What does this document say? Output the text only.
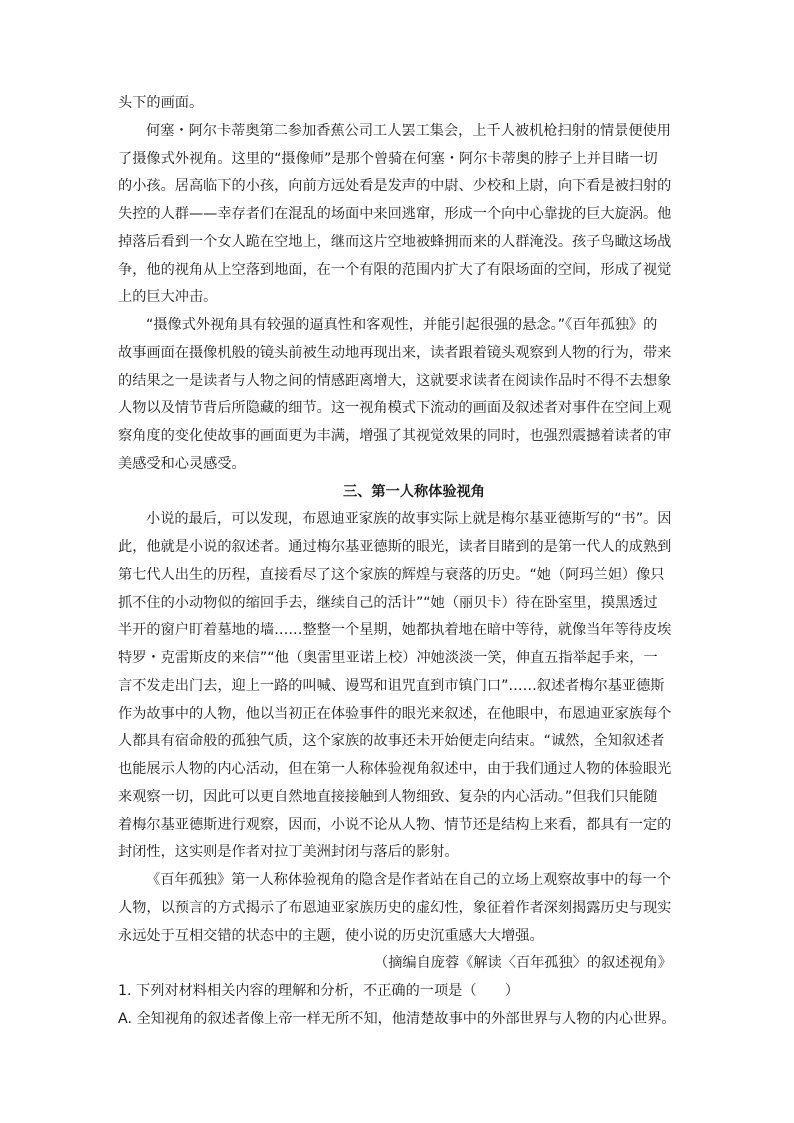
头下的画面。
何塞・阿尔卡蒂奥第二参加香蕉公司工人罢工集会，上千人被机枪扫射的情景便使用
了摄像式外视角。这里的“摄像师”是那个曾骑在何塞・阿尔卡蒂奥的脖子上并目睹一切
的小孩。居高临下的小孩，向前方远处看是发声的中尉、少校和上尉，向下看是被扫射的
失控的人群——幸存者们在混乱的场面中来回逃窜，形成一个向中心靠拢的巨大旋涡。他
掉落后看到一个女人跪在空地上，继而这片空地被蜂拥而来的人群淹没。孩子鸟瞰这场战
争，他的视角从上空落到地面，在一个有限的范围内扩大了有限场面的空间，形成了视觉
上的巨大冲击。
“摄像式外视角具有较强的逼真性和客观性，并能引起很强的悬念。”《百年孤独》的
故事画面在摄像机般的镜头前被生动地再现出来，读者跟着镜头观察到人物的行为，带来
的结果之一是读者与人物之间的情感距离增大，这就要求读者在阅读作品时不得不去想象
人物以及情节背后所隐藏的细节。这一视角模式下流动的画面及叙述者对事件在空间上观
察角度的变化使故事的画面更为丰满，增强了其视觉效果的同时，也强烈震撼着读者的审
美感受和心灵感受。
三、第一人称体验视角
小说的最后，可以发现，布恩迪亚家族的故事实际上就是梅尔基亚德斯写的“书”。因
此，他就是小说的叙述者。通过梅尔基亚德斯的眼光，读者目睹到的是第一代人的成熟到
第七代人出生的历程，直接看尽了这个家族的辉煌与衰落的历史。“她（阿玛兰妲）像只
抓不住的小动物似的缩回手去，继续自己的活计”“她（丽贝卡）待在卧室里，摸黑透过
半开的窗户盯着墓地的墙……整整一个星期，她都执着地在暗中等待，就像当年等待皮埃
特罗・克雷斯皮的来信”“他（奥雷里亚诺上校）冲她淡淡一笑，伸直五指举起手来，一
言不发走出门去，迎上一路的叫喊、谩骂和诅咒直到市镇门口”……叙述者梅尔基亚德斯
作为故事中的人物，他以当初正在体验事件的眼光来叙述，在他眼中，布恩迪亚家族每个
人都具有宿命般的孤独气质，这个家族的故事还未开始便走向结束。“诚然，全知叙述者
也能展示人物的内心活动，但在第一人称体验视角叙述中，由于我们通过人物的体验眼光
来观察一切，因此可以更自然地直接接触到人物细致、复杂的内心活动。”但我们只能随
着梅尔基亚德斯进行观察，因而，小说不论从人物、情节还是结构上来看，都具有一定的
封闭性，这实则是作者对拉丁美洲封闭与落后的影射。
《百年孤独》第一人称体验视角的隐含是作者站在自己的立场上观察故事中的每一个
人物，以预言的方式揭示了布恩迪亚家族历史的虚幻性，象征着作者深刻揭露历史与现实
永远处于互相交错的状态中的主题，使小说的历史沉重感大大增强。
（摘编自庞蓉《解读〈百年孤独〉的叙述视角》
1. 下列对材料相关内容的理解和分析，不正确的一项是（　　）
A. 全知视角的叙述者像上帝一样无所不知，他清楚故事中的外部世界与人物的内心世界。
